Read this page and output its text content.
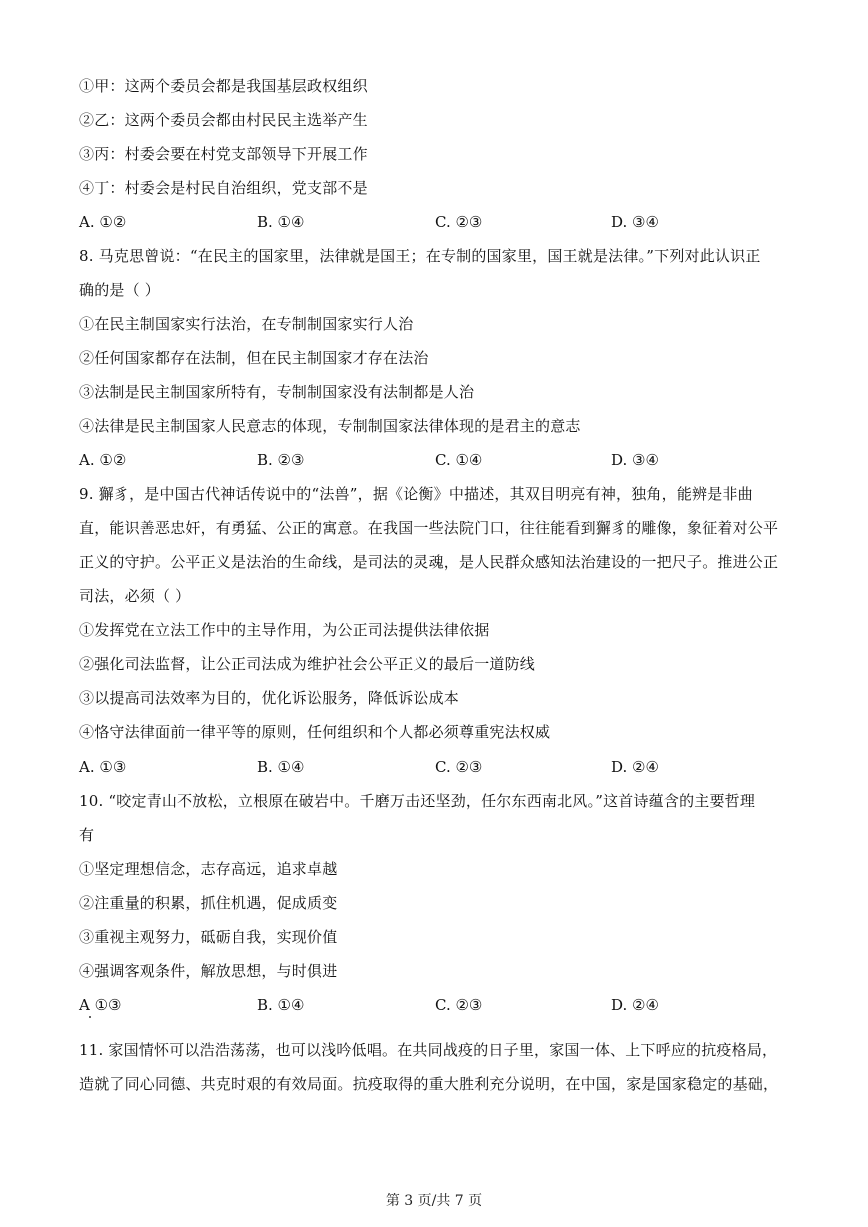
①甲：这两个委员会都是我国基层政权组织
②乙：这两个委员会都由村民民主选举产生
③丙：村委会要在村党支部领导下开展工作
④丁：村委会是村民自治组织，党支部不是
A. ①②	B. ①④	C. ②③	D. ③④
8. 马克思曾说：“在民主的国家里，法律就是国王；在专制的国家里，国王就是法律。”下列对此认识正
确的是（ ）
①在民主制国家实行法治，在专制制国家实行人治
②任何国家都存在法制，但在民主制国家才存在法治
③法制是民主制国家所特有，专制制国家没有法制都是人治
④法律是民主制国家人民意志的体现，专制制国家法律体现的是君主的意志
A. ①②	B. ②③	C. ①④	D. ③④
9. 獬豸，是中国古代神话传说中的“法兽”，据《论衡》中描述，其双目明亮有神，独角，能辨是非曲
直，能识善恶忠奸，有勇猛、公正的寓意。在我国一些法院门口，往往能看到獬豸的雕像，象征着对公平
正义的守护。公平正义是法治的生命线，是司法的灵魂，是人民群众感知法治建设的一把尺子。推进公正
司法，必须（ ）
①发挥党在立法工作中的主导作用，为公正司法提供法律依据
②强化司法监督，让公正司法成为维护社会公平正义的最后一道防线
③以提高司法效率为目的，优化诉讼服务，降低诉讼成本
④恪守法律面前一律平等的原则，任何组织和个人都必须尊重宪法权威
A. ①③	B. ①④	C. ②③	D. ②④
10. “咬定青山不放松，立根原在破岩中。千磨万击还坚劲，任尔东西南北风。”这首诗蕴含的主要哲理
有
①坚定理想信念，志存高远，追求卓越
②注重量的积累，抓住机遇，促成质变
③重视主观努力，砥砺自我，实现价值
④强调客观条件，解放思想，与时俱进
A ①③	B. ①④	C. ②③	D. ②④
11. 家国情怀可以浩浩荡荡，也可以浅吟低唱。在共同战疫的日子里，家国一体、上下呼应的抗疫格局，
造就了同心同德、共克时艰的有效局面。抗疫取得的重大胜利充分说明，在中国，家是国家稳定的基础，
第 3 页/共 7 页
